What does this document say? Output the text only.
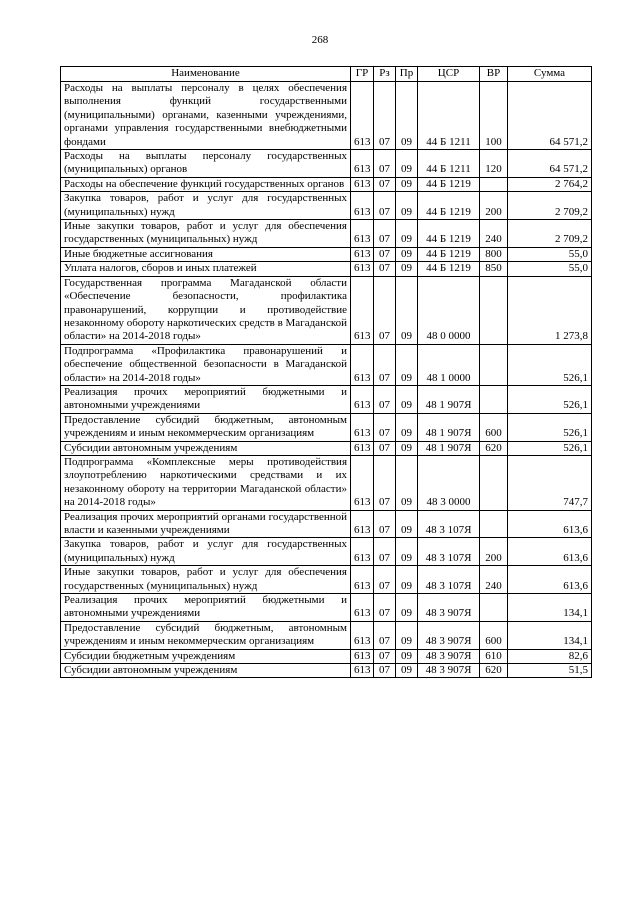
268
Наименование	ГР	Рз	Пр	ЦСР	ВР	Сумма
Расходы на выплаты персоналу в целях обеспечения выполнения функций государственными (муниципальными) органами, казенными учреждениями, органами управления государственными внебюджетными фондами	613	07	09	44 Б 1211	100	64 571,2
Расходы на выплаты персоналу государственных (муниципальных) органов	613	07	09	44 Б 1211	120	64 571,2
Расходы на обеспечение функций государственных органов	613	07	09	44 Б 1219		2 764,2
Закупка товаров, работ и услуг для государственных (муниципальных) нужд	613	07	09	44 Б 1219	200	2 709,2
Иные закупки товаров, работ и услуг для обеспечения государственных (муниципальных) нужд	613	07	09	44 Б 1219	240	2 709,2
Иные бюджетные ассигнования	613	07	09	44 Б 1219	800	55,0
Уплата налогов, сборов и иных платежей	613	07	09	44 Б 1219	850	55,0
Государственная программа Магаданской области «Обеспечение безопасности, профилактика правонарушений, коррупции и противодействие незаконному обороту наркотических средств в Магаданской области» на 2014-2018 годы»	613	07	09	48 0 0000		1 273,8
Подпрограмма «Профилактика правонарушений и обеспечение общественной безопасности в Магаданской области» на 2014-2018 годы»	613	07	09	48 1 0000		526,1
Реализация прочих мероприятий бюджетными и автономными учреждениями	613	07	09	48 1 907Я		526,1
Предоставление субсидий бюджетным, автономным учреждениям и иным некоммерческим организациям	613	07	09	48 1 907Я	600	526,1
Субсидии автономным учреждениям	613	07	09	48 1 907Я	620	526,1
Подпрограмма «Комплексные меры противодействия злоупотреблению наркотическими средствами и их незаконному обороту на территории Магаданской области» на 2014-2018 годы»	613	07	09	48 3 0000		747,7
Реализация прочих мероприятий органами государственной власти и казенными учреждениями	613	07	09	48 3 107Я		613,6
Закупка товаров, работ и услуг для государственных (муниципальных) нужд	613	07	09	48 3 107Я	200	613,6
Иные закупки товаров, работ и услуг для обеспечения государственных (муниципальных) нужд	613	07	09	48 3 107Я	240	613,6
Реализация прочих мероприятий бюджетными и автономными учреждениями	613	07	09	48 3 907Я		134,1
Предоставление субсидий бюджетным, автономным учреждениям и иным некоммерческим организациям	613	07	09	48 3 907Я	600	134,1
Субсидии бюджетным учреждениям	613	07	09	48 3 907Я	610	82,6
Субсидии автономным учреждениям	613	07	09	48 3 907Я	620	51,5
